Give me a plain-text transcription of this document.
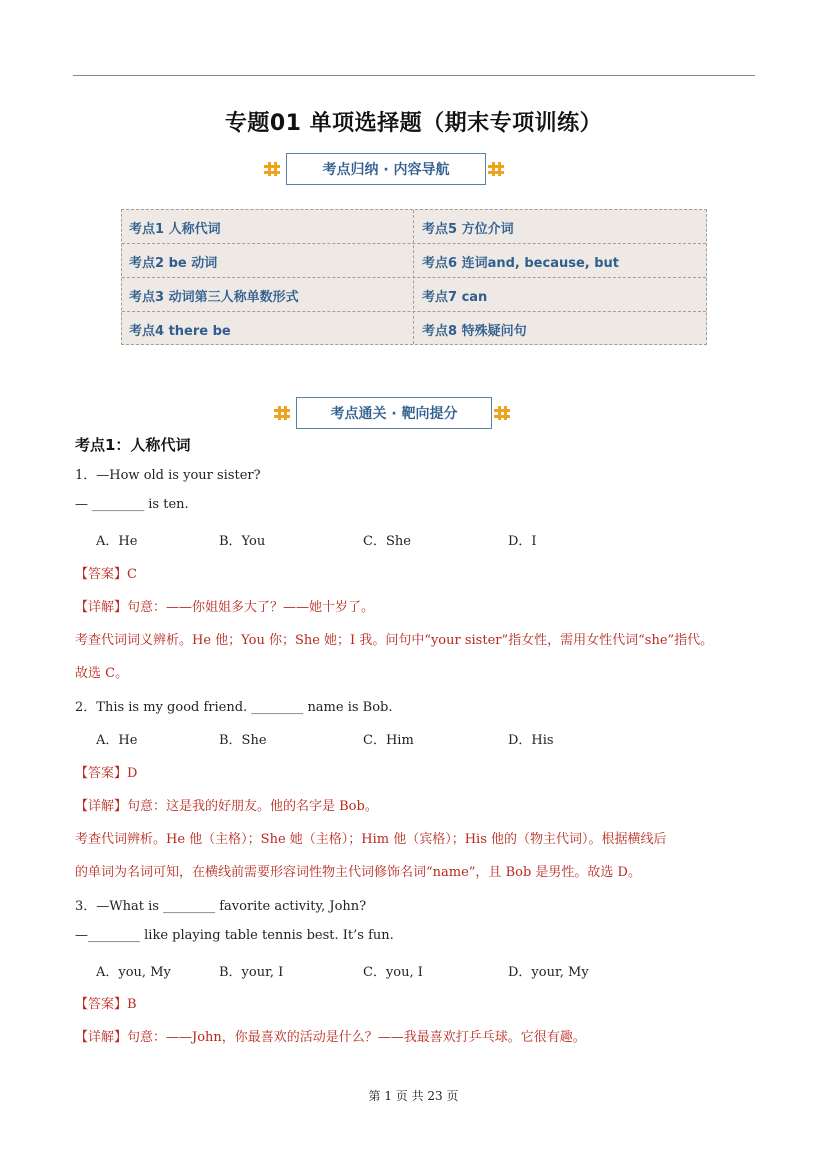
专题01 单项选择题（期末专项训练）
考点归纳 · 内容导航
考点1 人称代词	考点5 方位介词
考点2 be 动词	考点6 连词and, because, but
考点3 动词第三人称单数形式	考点7 can
考点4 there be	考点8 特殊疑问句
考点通关 · 靶向提分
考点1：人称代词
1．—How old is your sister?
— ________ is ten.
A．He	B．You	C．She	D．I
【答案】C
【详解】句意：——你姐姐多大了？——她十岁了。
考查代词词义辨析。He 他；You 你；She 她；I 我。问句中“your sister”指女性，需用女性代词“she”指代。
故选 C。
2．This is my good friend. ________ name is Bob.
A．He	B．She	C．Him	D．His
【答案】D
【详解】句意：这是我的好朋友。他的名字是 Bob。
考查代词辨析。He 他（主格）；She 她（主格）；Him 他（宾格）；His 他的（物主代词）。根据横线后
的单词为名词可知，在横线前需要形容词性物主代词修饰名词“name”，且 Bob 是男性。故选 D。
3．—What is ________ favorite activity, John?
—________ like playing table tennis best. It’s fun.
A．you, My	B．your, I	C．you, I	D．your, My
【答案】B
【详解】句意：——John，你最喜欢的活动是什么？——我最喜欢打乒乓球。它很有趣。
第 1 页 共 23 页
